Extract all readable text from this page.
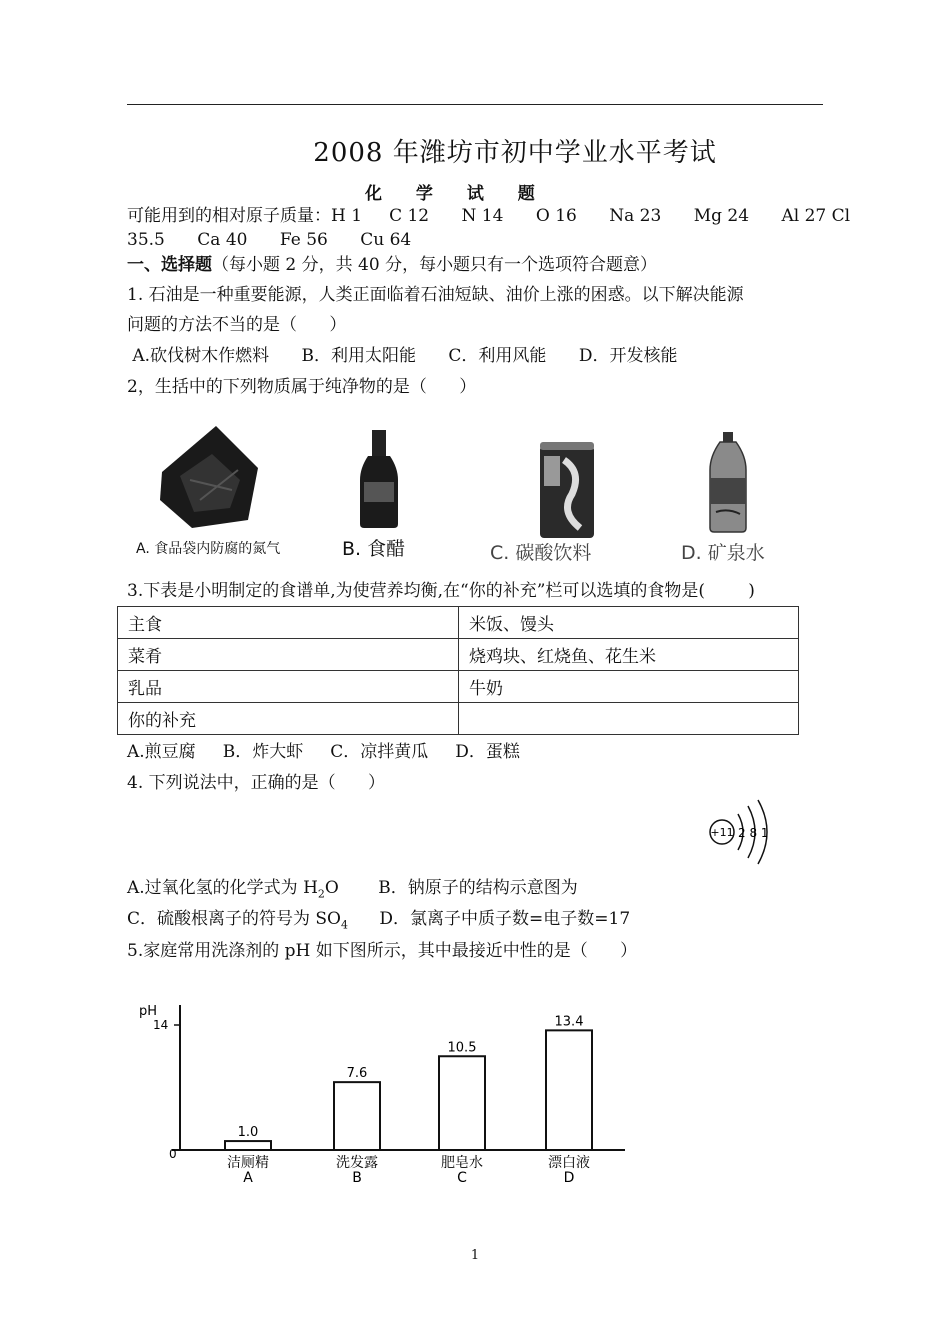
2008 年潍坊市初中学业水平考试
化 学 试 题
可能用到的相对原子质量：H 1     C 12      N 14      O 16      Na 23      Mg 24      Al 27 Cl
35.5      Ca 40      Fe 56      Cu 64
一、选择题（每小题 2 分，共 40 分，每小题只有一个选项符合题意）
1. 石油是一种重要能源，人类正面临着石油短缺、油价上涨的困惑。以下解决能源
问题的方法不当的是（      ）
A.砍伐树木作燃料      B．利用太阳能      C．利用风能      D．开发核能
2，生括中的下列物质属于纯净物的是（      ）
A. 食品袋内防腐的氮气	B. 食醋	C. 碳酸饮料	D. 矿泉水
3.下表是小明制定的食谱单,为使营养均衡,在“你的补充”栏可以选填的食物是(        )
主食	米饭、馒头
菜肴	烧鸡块、红烧鱼、花生米
乳品	牛奶
你的补充	
A.煎豆腐     B．炸大虾     C．凉拌黄瓜     D．蛋糕
4. 下列说法中，正确的是（      ）
+11 2 8 1
A.过氧化氢的化学式为 $H_2O$ B．钠原子的结构示意图为
C．硫酸根离子的符号为 $SO_4$ D．氯离子中质子数=电子数=17
5.家庭常用洗涤剂的 pH 如下图所示，其中最接近中性的是（      ）
pH
14
0
1.0
洁厕精
A
7.6
洗发露
B
10.5
肥皂水
C
13.4
漂白液
D
1
